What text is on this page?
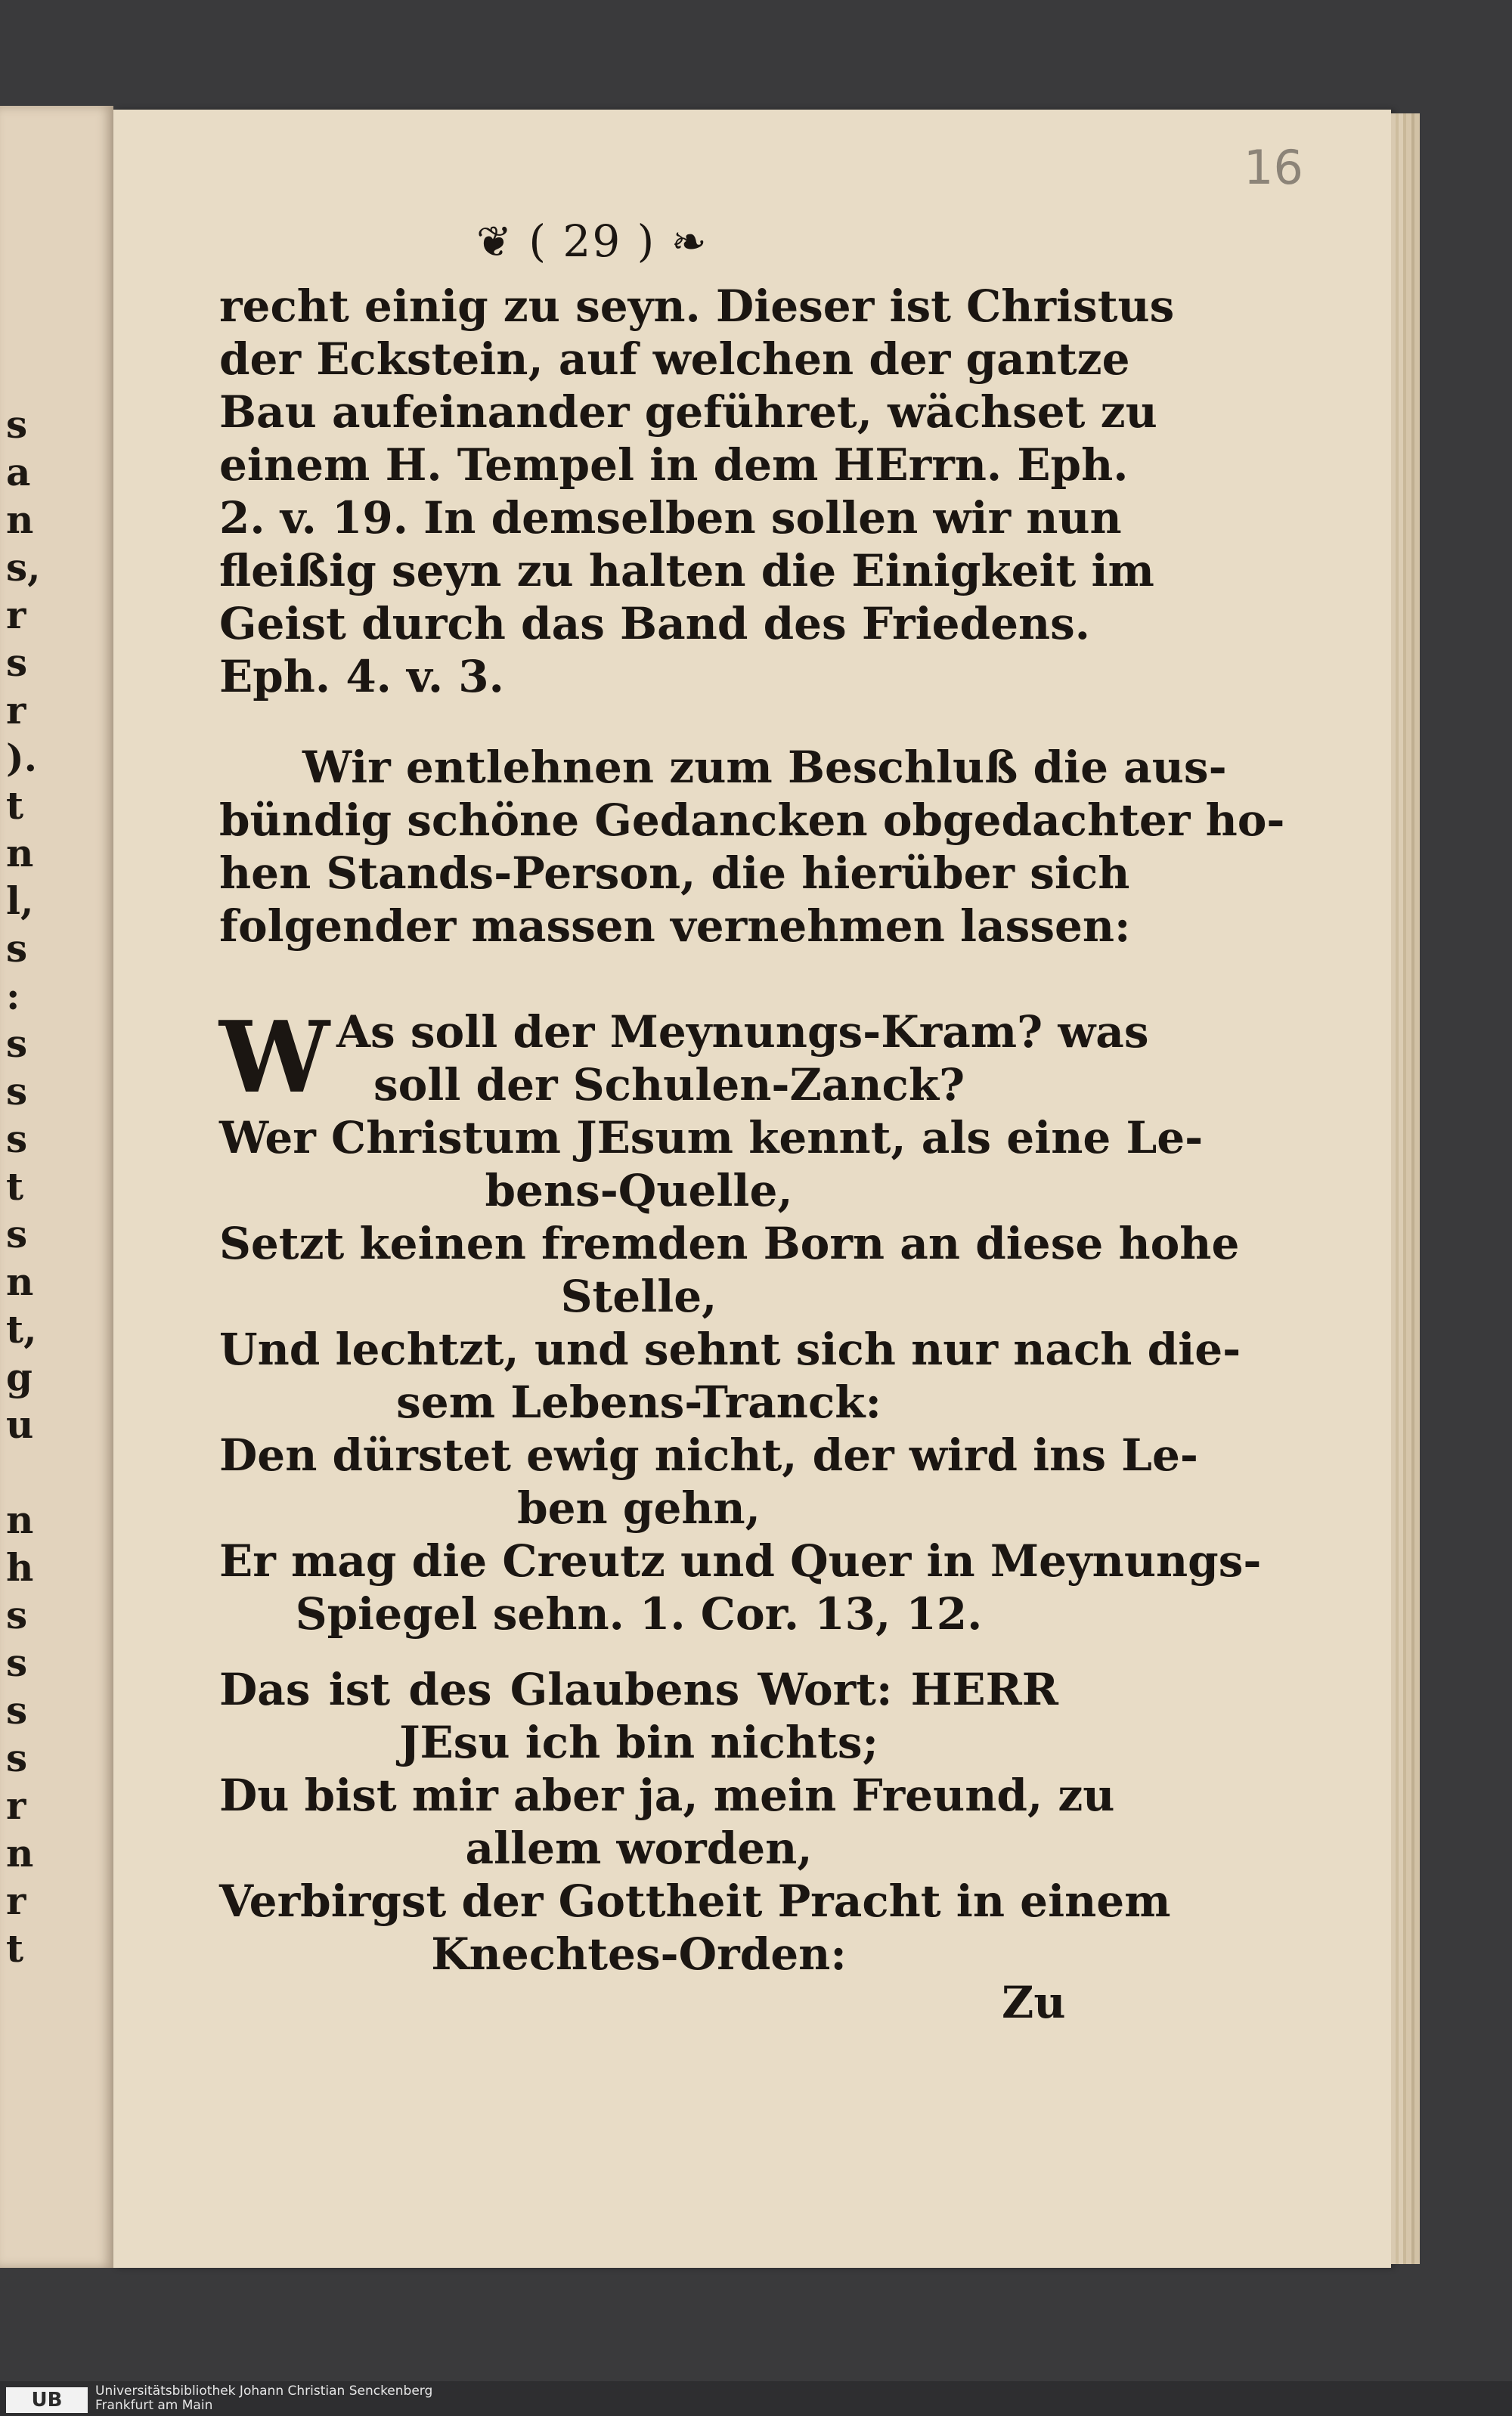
s
a
n
s,
r
s
r
).
t
n
l,
s
:
s
s
s
t
s
n
t,
g
u
n
h
s
s
s
s
r
n
r
t
16
❦ ( 29 ) ❧
recht einig zu seyn. Dieser ist Christus
der Eckstein, auf welchen der gantze
Bau aufeinander geführet, wächset zu
einem H. Tempel in dem HErrn. Eph.
2. v. 19. In demselben sollen wir nun
fleißig seyn zu halten die Einigkeit im
Geist durch das Band des Friedens.
Eph. 4. v. 3.
Wir entlehnen zum Beschluß die aus-
bündig schöne Gedancken obgedachter ho-
hen Stands-Person, die hierüber sich
folgender massen vernehmen lassen:
W As soll der Meynungs-Kram? was
soll der Schulen-Zanck?
Wer Christum JEsum kennt, als eine Le-
bens-Quelle,
Setzt keinen fremden Born an diese hohe
Stelle,
Und lechtzt, und sehnt sich nur nach die-
sem Lebens-Tranck:
Den dürstet ewig nicht, der wird ins Le-
ben gehn,
Er mag die Creutz und Quer in Meynungs-
Spiegel sehn. 1. Cor. 13, 12.
Das ist des Glaubens Wort: HERR
JEsu ich bin nichts;
Du bist mir aber ja, mein Freund, zu
allem worden,
Verbirgst der Gottheit Pracht in einem
Knechtes-Orden:
Zu
UB	Universitätsbibliothek Johann Christian Senckenberg
Frankfurt am Main
